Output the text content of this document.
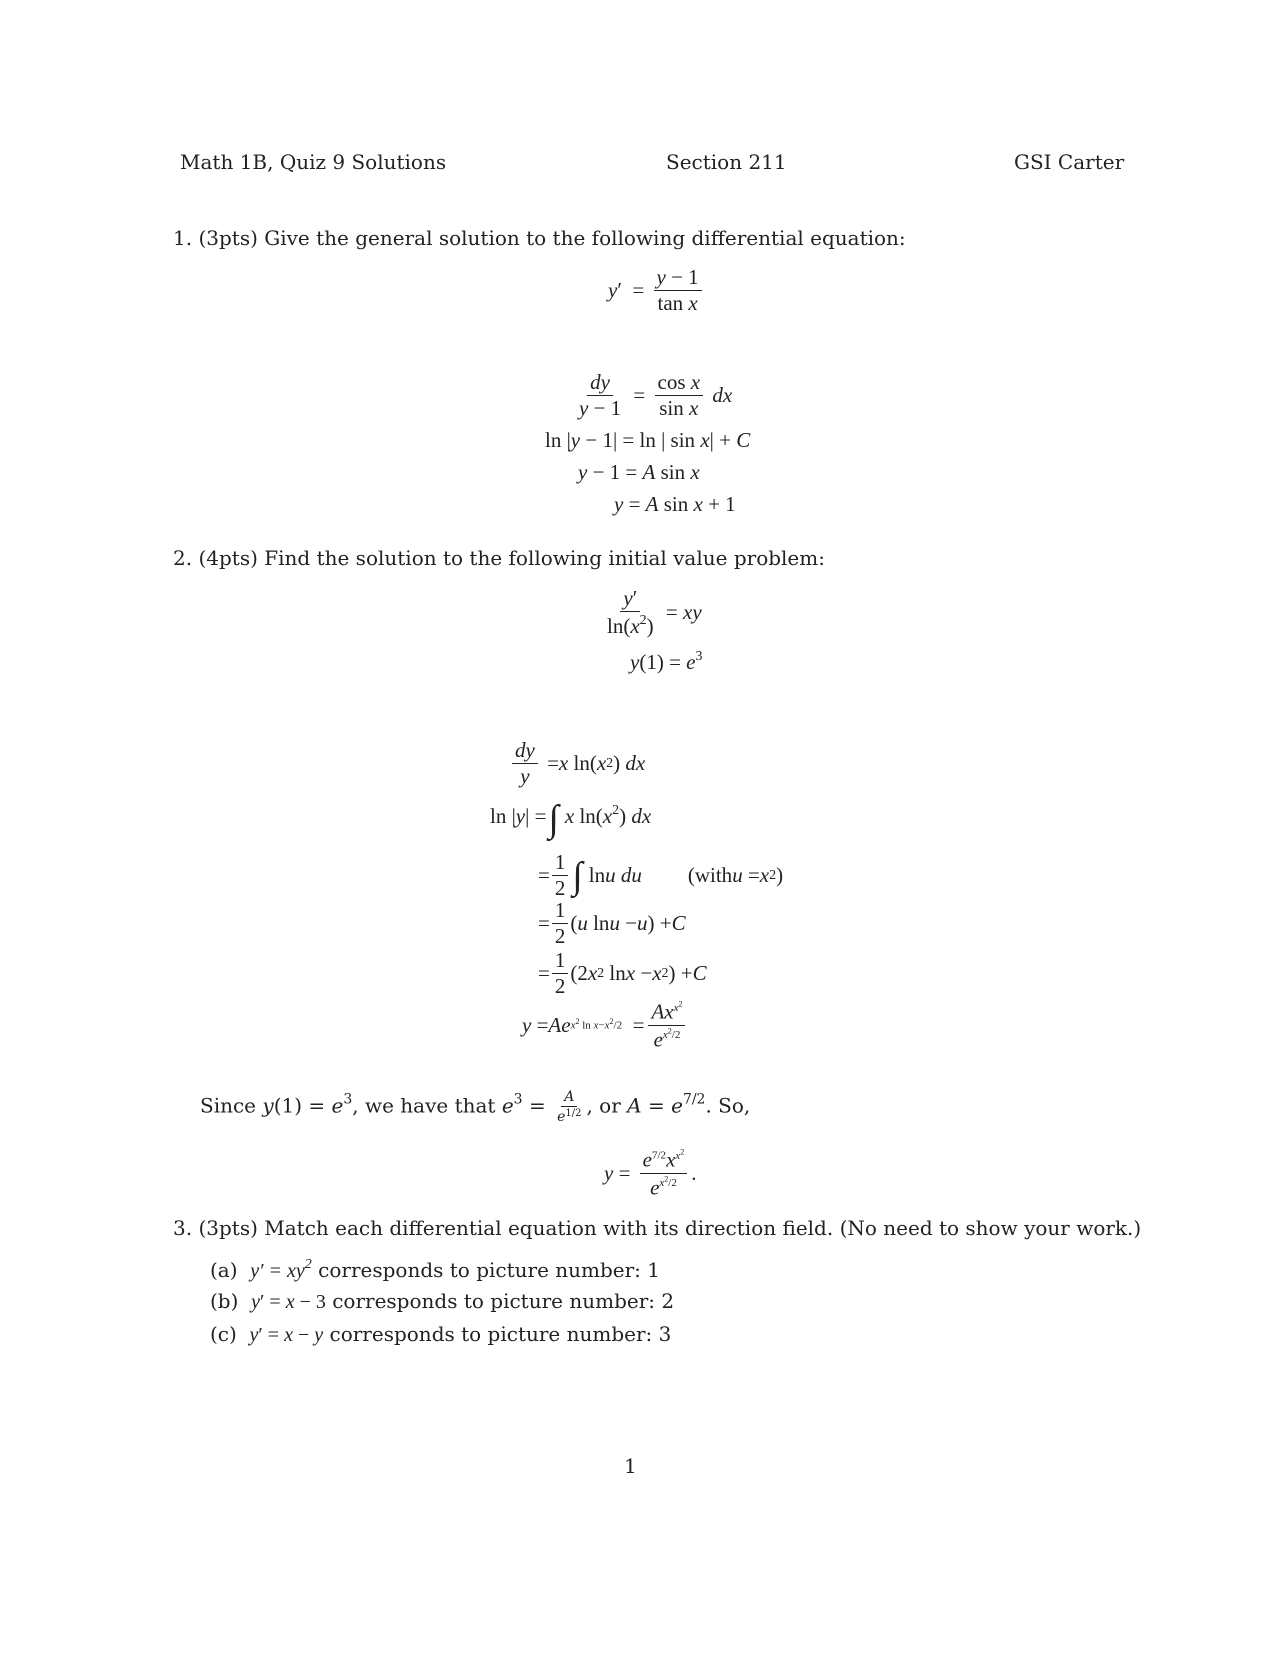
Math 1B, Quiz 9 Solutions	Section 211	GSI Carter
1. (3pts) Give the general solution to the following differential equation:
y ′  = $\frac{y - 1}{\text{tan x}}$
$\frac{dy}{y - 1} = \frac{\text{cos x}}{\text{sin x}}$
dx
ln |y − 1| = ln | sin x| + C
y − 1 = A sin x
y = A sin x + 1
2. (4pts) Find the solution to the following initial value problem:
$\frac{y'}{\ln(x^2)}$ = xy
$y(1) = e^3$
$\frac{dy}{y} = x$ ln( x 2 ) dx
ln |y| =∫ x $\ln(x^2)$ dx
= $\frac{1}{2}$ ∫ ln u
du (with u = x 2 )
= $\frac{1}{2}$ ( u ln u − u ) + C
= $\frac{1}{2} (2$ x 2 ln x − x 2 ) + C
y = Ae $x^2$ $\ln x-x^2/2 = \frac{Ax^{x^2}}{e^{x^2/2}}$
Since $y(1) = e^3$, we have that $e^3 = \frac{A}{e^{1/2}}$ , or $A = e^{7/2}$. So,
$y = \frac{e^{7/2}x^{x^2}}{e^{x^2/2}}$ .
3. (3pts) Match each differential equation with its direction field. (No need to show your work.)
(a) $y' = xy^2$ corresponds to picture number: 1
(b) y′ = x − 3 corresponds to picture number: 2
(c) y′ = x − y corresponds to picture number: 3
1
